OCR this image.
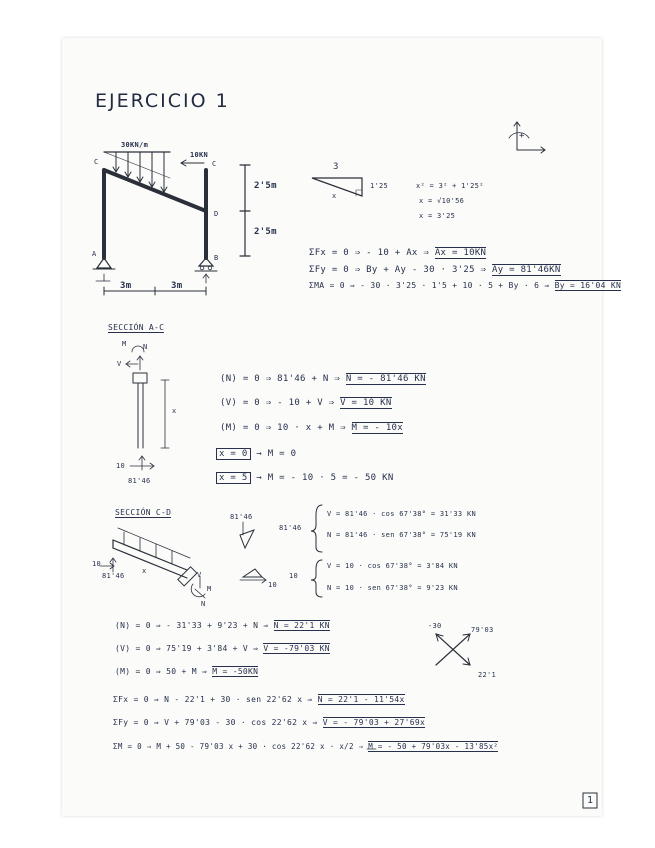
EJERCICIO 1
30KN/m
10KN
C	C
D
A	B
2'5m
2'5m
3m	3m
+
3
1'25
x
x² = 3² + 1'25²
x = √10'56
x = 3'25
ΣFx = 0 ⇒ - 10 + Ax ⇒ Ax = 10KN
ΣFy = 0 ⇒ By + Ay - 30 · 3'25 ⇒ Ay = 81'46KN
ΣMA = 0 ⇒ - 30 · 3'25 · 1'5 + 10 · 5 + By · 6 ⇒ By = 16'04 KN
SECCIÓN A-C
V
N
M
x
10
81'46
(N) = 0 ⇒ 81'46 + N ⇒ N = - 81'46 KN
(V) = 0 ⇒ - 10 + V ⇒ V = 10 KN
(M) = 0 ⇒ 10 · x + M ⇒ M = - 10x
x = 0 → M = 0
x = 5 → M = - 10 · 5 = - 50 KN
SECCIÓN C-D	81'46
81'46
10
10
10
81'46
x
M
V
N
V = 81'46 · cos 67'38° = 31'33 KN
N = 81'46 · sen 67'38° = 75'19 KN
V = 10 · cos 67'38° = 3'84 KN
N = 10 · sen 67'38° = 9'23 KN
(N) = 0 ⇒ - 31'33 + 9'23 + N ⇒ N = 22'1 KN
(V) = 0 ⇒ 75'19 + 3'84 + V ⇒ V = -79'03 KN
(M) = 0 ⇒ 50 + M ⇒ M = -50KN
-30	79'03
22'1
ΣFx = 0 ⇒ N - 22'1 + 30 · sen 22'62 x ⇒ N = 22'1 - 11'54x
ΣFy = 0 ⇒ V + 79'03 - 30 · cos 22'62 x ⇒ V = - 79'03 + 27'69x
ΣM = 0 ⇒ M + 50 - 79'03 x + 30 · cos 22'62 x · x/2 ⇒ M = - 50 + 79'03x - 13'85x²
1
